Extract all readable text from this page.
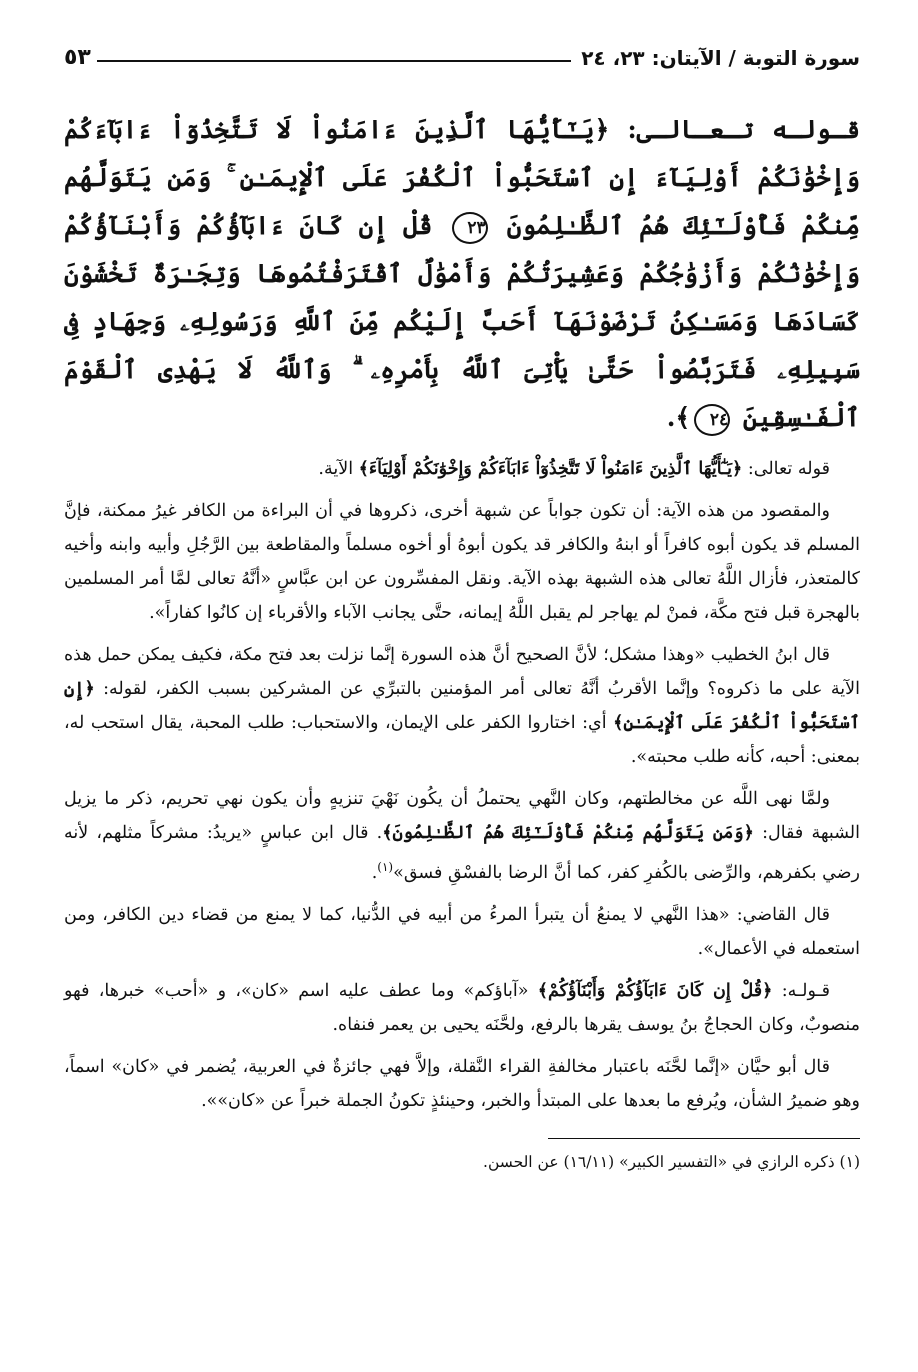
سورة التوبة / الآيتان: ٢٣، ٢٤
٥٣
قـولـه تـعـالـى: ﴿يَـٰٓأَيُّهَا ٱلَّذِينَ ءَامَنُواْ لَا تَتَّخِذُوٓاْ ءَابَآءَكُمْ وَإِخْوَٰنَكُمْ أَوْلِيَآءَ إِنِ ٱسْتَحَبُّواْ ٱلْكُفْرَ عَلَى ٱلْإِيمَـٰنِ ۚ وَمَن يَتَوَلَّهُم مِّنكُمْ فَأُوْلَـٰٓئِكَ هُمُ ٱلظَّـٰلِمُونَ ٢٣ قُلْ إِن كَانَ ءَابَآؤُكُمْ وَأَبْنَآؤُكُمْ وَإِخْوَٰنُكُمْ وَأَزْوَٰجُكُمْ وَعَشِيرَتُكُمْ وَأَمْوَٰلٌ ٱقْتَرَفْتُمُوهَا وَتِجَـٰرَةٌ تَخْشَوْنَ كَسَادَهَا وَمَسَـٰكِنُ تَرْضَوْنَهَآ أَحَبَّ إِلَيْكُم مِّنَ ٱللَّهِ وَرَسُولِهِۦ وَجِهَادٍ فِى سَبِيلِهِۦ فَتَرَبَّصُواْ حَتَّىٰ يَأْتِىَ ٱللَّهُ بِأَمْرِهِۦ ۗ وَٱللَّهُ لَا يَهْدِى ٱلْقَوْمَ ٱلْفَـٰسِقِينَ ٢٤﴾.

قوله تعالى: ﴿يَـٰٓأَيُّهَا ٱلَّذِينَ ءَامَنُواْ لَا تَتَّخِذُوٓاْ ءَابَآءَكُمْ وَإِخْوَٰنَكُمْ أَوْلِيَآءَ﴾ الآية.

والمقصود من هذه الآية: أن تكون جواباً عن شبهة أخرى، ذكروها في أن البراءة من الكافر غيرُ ممكنة، فإنَّ المسلم قد يكون أبوه كافراً أو ابنهُ والكافر قد يكون أبوهُ أو أخوه مسلماً والمقاطعة بين الرَّجُلِ وأبيه وابنه وأخيه كالمتعذر، فأزال اللَّهُ تعالى هذه الشبهة بهذه الآية. ونقل المفسِّرون عن ابن عبَّاسٍ «أنَّهُ تعالى لمَّا أمر المسلمين بالهجرة قبل فتح مكَّة، فمنْ لم يهاجر لم يقبل اللَّهُ إيمانه، حتَّى يجانب الآباء والأقرباء إن كانُوا كفاراً».

قال ابنُ الخطيب «وهذا مشكل؛ لأنَّ الصحيح أنَّ هذه السورة إنَّما نزلت بعد فتح مكة، فكيف يمكن حمل هذه الآية على ما ذكروه؟ وإنَّما الأقربُ أنَّهُ تعالى أمر المؤمنين بالتبرِّي عن المشركين بسبب الكفر، لقوله: ﴿إِنِ ٱسْتَحَبُّواْ ٱلْكُفْرَ عَلَى ٱلْإِيمَـٰنِ﴾ أي: اختاروا الكفر على الإيمان، والاستحباب: طلب المحبة، يقال استحب له، بمعنى: أحبه، كأنه طلب محبته».

ولمَّا نهى اللَّه عن مخالطتهم، وكان النَّهي يحتملُ أن يكُون نَهْيَ تنزيهٍ وأن يكون نهي تحريم، ذكر ما يزيل الشبهة فقال: ﴿وَمَن يَتَوَلَّهُم مِّنكُمْ فَأُوْلَـٰٓئِكَ هُمُ ٱلظَّـٰلِمُونَ﴾. قال ابن عباسٍ «يريدُ: مشركاً مثلهم، لأنه رضي بكفرهم، والرِّضى بالكُفرِ كفر، كما أنَّ الرضا بالفسْقِ فسق»$^{(١)}$.

قال القاضي: «هذا النَّهي لا يمنعُ أن يتبرأ المرءُ من أبيه في الدُّنيا، كما لا يمنع من قضاء دين الكافر، ومن استعمله في الأعمال».

قـولـه: ﴿قُلْ إِن كَانَ ءَابَآؤُكُمْ وَأَبْنَآؤُكُمْ﴾ «آباؤكم» وما عطف عليه اسم «كان»، و «أحب» خبرها، فهو منصوبٌ، وكان الحجاجُ بنُ يوسف يقرها بالرفع، ولحَّنَه يحيى بن يعمر فنفاه.

قال أبو حيَّان «إنَّما لحَّنَه باعتبار مخالفةِ القراء النَّقلة، وإلاَّ فهي جائزةٌ في العربية، يُضمر في «كان» اسماً، وهو ضميرُ الشأن، ويُرفع ما بعدها على المبتدأ والخبر، وحينئذٍ تكونُ الجملة خبراً عن «كان»».

(١) ذكره الرازي في «التفسير الكبير» (١٦/١١) عن الحسن.
